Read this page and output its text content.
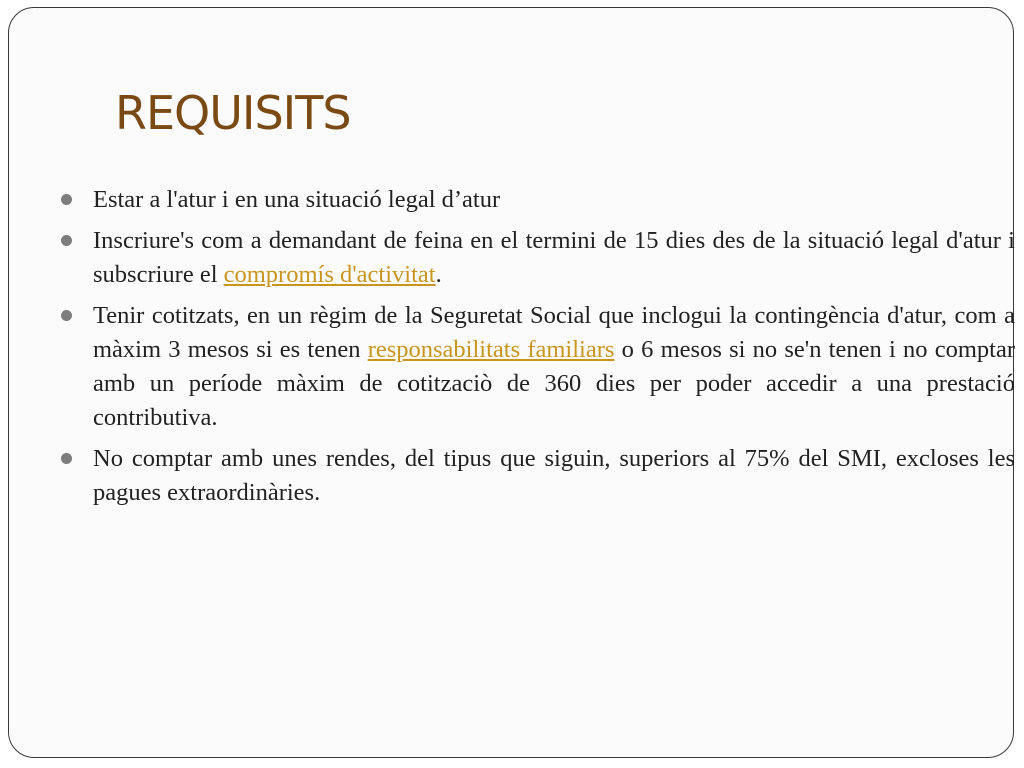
REQUISITS
Estar a l'atur i en una situació legal d’atur
Inscriure's com a demandant de feina en el termini de 15 dies des de la situació legal d'atur i subscriure el compromís d'activitat.
Tenir cotitzats, en un règim de la Seguretat Social que inclogui la contingència d'atur, com a màxim 3 mesos si es tenen responsabilitats familiars o 6 mesos si no se'n tenen i no comptar amb un període màxim de cotitzaciò de 360 dies per poder accedir a una prestació contributiva.
No comptar amb unes rendes, del tipus que siguin, superiors al 75% del SMI, excloses les pagues extraordinàries.
